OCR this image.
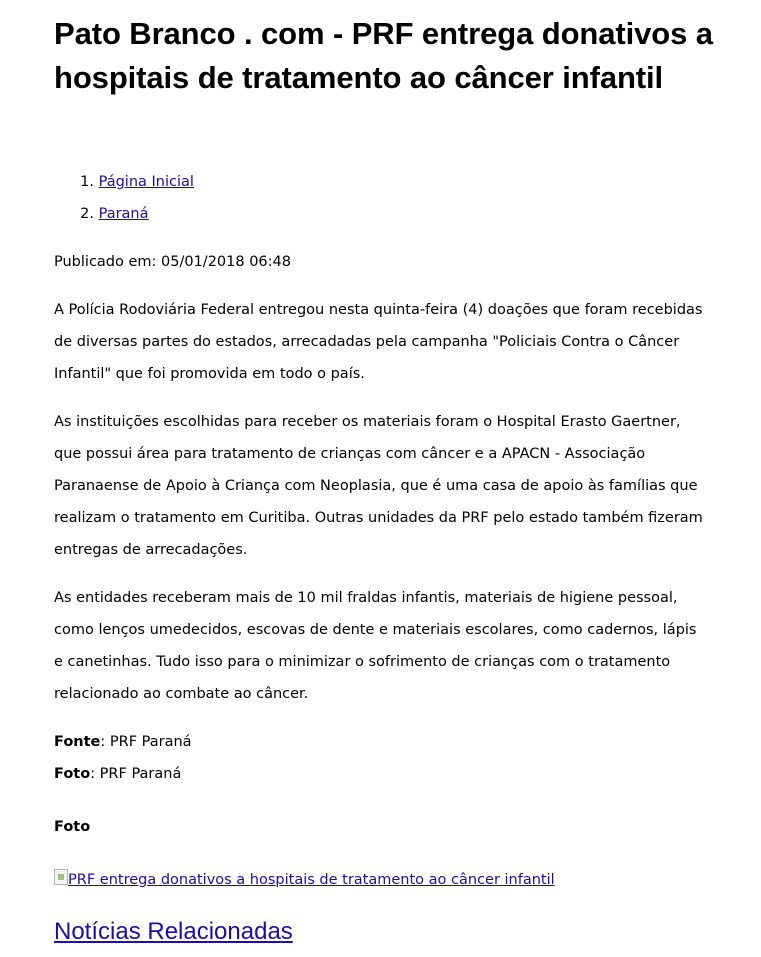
Pato Branco . com - PRF entrega donativos a hospitais de tratamento ao câncer infantil
1. Página Inicial
2. Paraná

Publicado em: 05/01/2018 06:48

A Polícia Rodoviária Federal entregou nesta quinta-feira (4) doações que foram recebidas de diversas partes do estados, arrecadadas pela campanha "Policiais Contra o Câncer Infantil" que foi promovida em todo o país.

As instituições escolhidas para receber os materiais foram o Hospital Erasto Gaertner, que possui área para tratamento de crianças com câncer e a APACN - Associação Paranaense de Apoio à Criança com Neoplasia, que é uma casa de apoio às famílias que realizam o tratamento em Curitiba. Outras unidades da PRF pelo estado também fizeram entregas de arrecadações.

As entidades receberam mais de 10 mil fraldas infantis, materiais de higiene pessoal, como lenços umedecidos, escovas de dente e materiais escolares, como cadernos, lápis e canetinhas. Tudo isso para o minimizar o sofrimento de crianças com o tratamento relacionado ao combate ao câncer.

Fonte: PRF Paraná

Foto: PRF Paraná

Foto

PRF entrega donativos a hospitais de tratamento ao câncer infantil
Notícias Relacionadas
